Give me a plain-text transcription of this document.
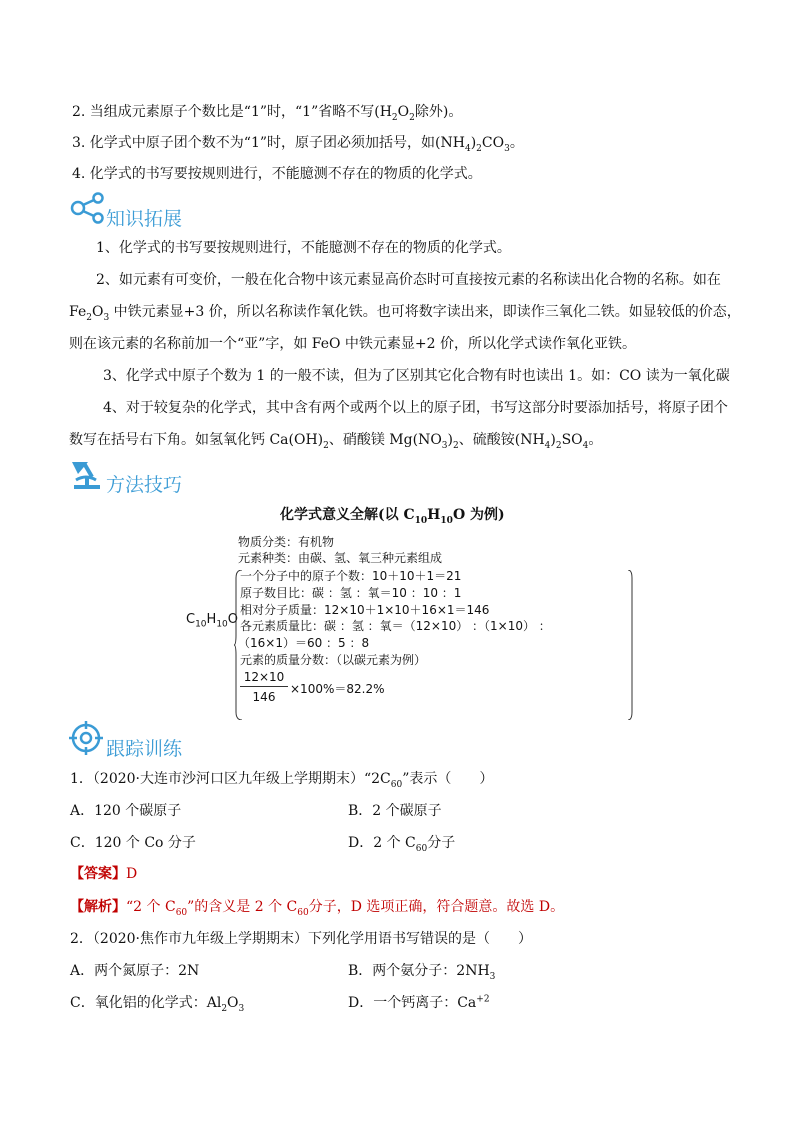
2. 当组成元素原子个数比是“1”时，“1”省略不写($H_2O_2$除外)。
3. 化学式中原子团个数不为“1”时，原子团必须加括号，如$(NH_4)_2CO_3$。
4. 化学式的书写要按规则进行，不能臆测不存在的物质的化学式。
知识拓展
1、化学式的书写要按规则进行，不能臆测不存在的物质的化学式。
2、如元素有可变价，一般在化合物中该元素显高价态时可直接按元素的名称读出化合物的名称。如在
$Fe_2O_3$ 中铁元素显+3 价，所以名称读作氧化铁。也可将数字读出来，即读作三氧化二铁。如显较低的价态，
则在该元素的名称前加一个“亚”字，如 FeO 中铁元素显+2 价，所以化学式读作氧化亚铁。
3、化学式中原子个数为 1 的一般不读，但为了区别其它化合物有时也读出 1。如：CO 读为一氧化碳
4、对于较复杂的化学式，其中含有两个或两个以上的原子团，书写这部分时要添加括号，将原子团个
数写在括号右下角。如氢氧化钙 $Ca(OH)_2$、硝酸镁 $Mg(NO_3)_2$、硫酸铵$(NH_4)_2SO_4$。
方法技巧
化学式意义全解(以 $C_{10}H_{10}O$ 为例)
$C_{10}H_{10}O$
物质分类：有机物
元素种类：由碳、氢、氧三种元素组成
一个分子中的原子个数：10＋10＋1＝21
原子数目比：碳 ：氢 ：氧＝10 ：10 ：1
相对分子质量：12×10＋1×10＋16×1＝146
各元素质量比：碳 ：氢 ：氧＝（12×10） ：（1×10） ：
（16×1）＝60 ：5 ：8
元素的质量分数：（以碳元素为例）
12×10
146
×100%＝82.2%
跟踪训练
1．（2020·大连市沙河口区九年级上学期期末）“$2C_{60}$”表示（　　）
A．120 个碳原子	B．2 个碳原子
C．120 个 Co 分子	D．2 个 $C_{60}$分子
【答案】D
【解析】“2 个 $C_{60}$”的含义是 2 个 $C_{60}$分子，D 选项正确，符合题意。故选 D。
2．（2020·焦作市九年级上学期期末）下列化学用语书写错误的是（　　）
A．两个氮原子：2N	B．两个氨分子：$2NH_3$
C．氧化铝的化学式：$Al_2O_3$	D．一个钙离子：$Ca^{+2}$
